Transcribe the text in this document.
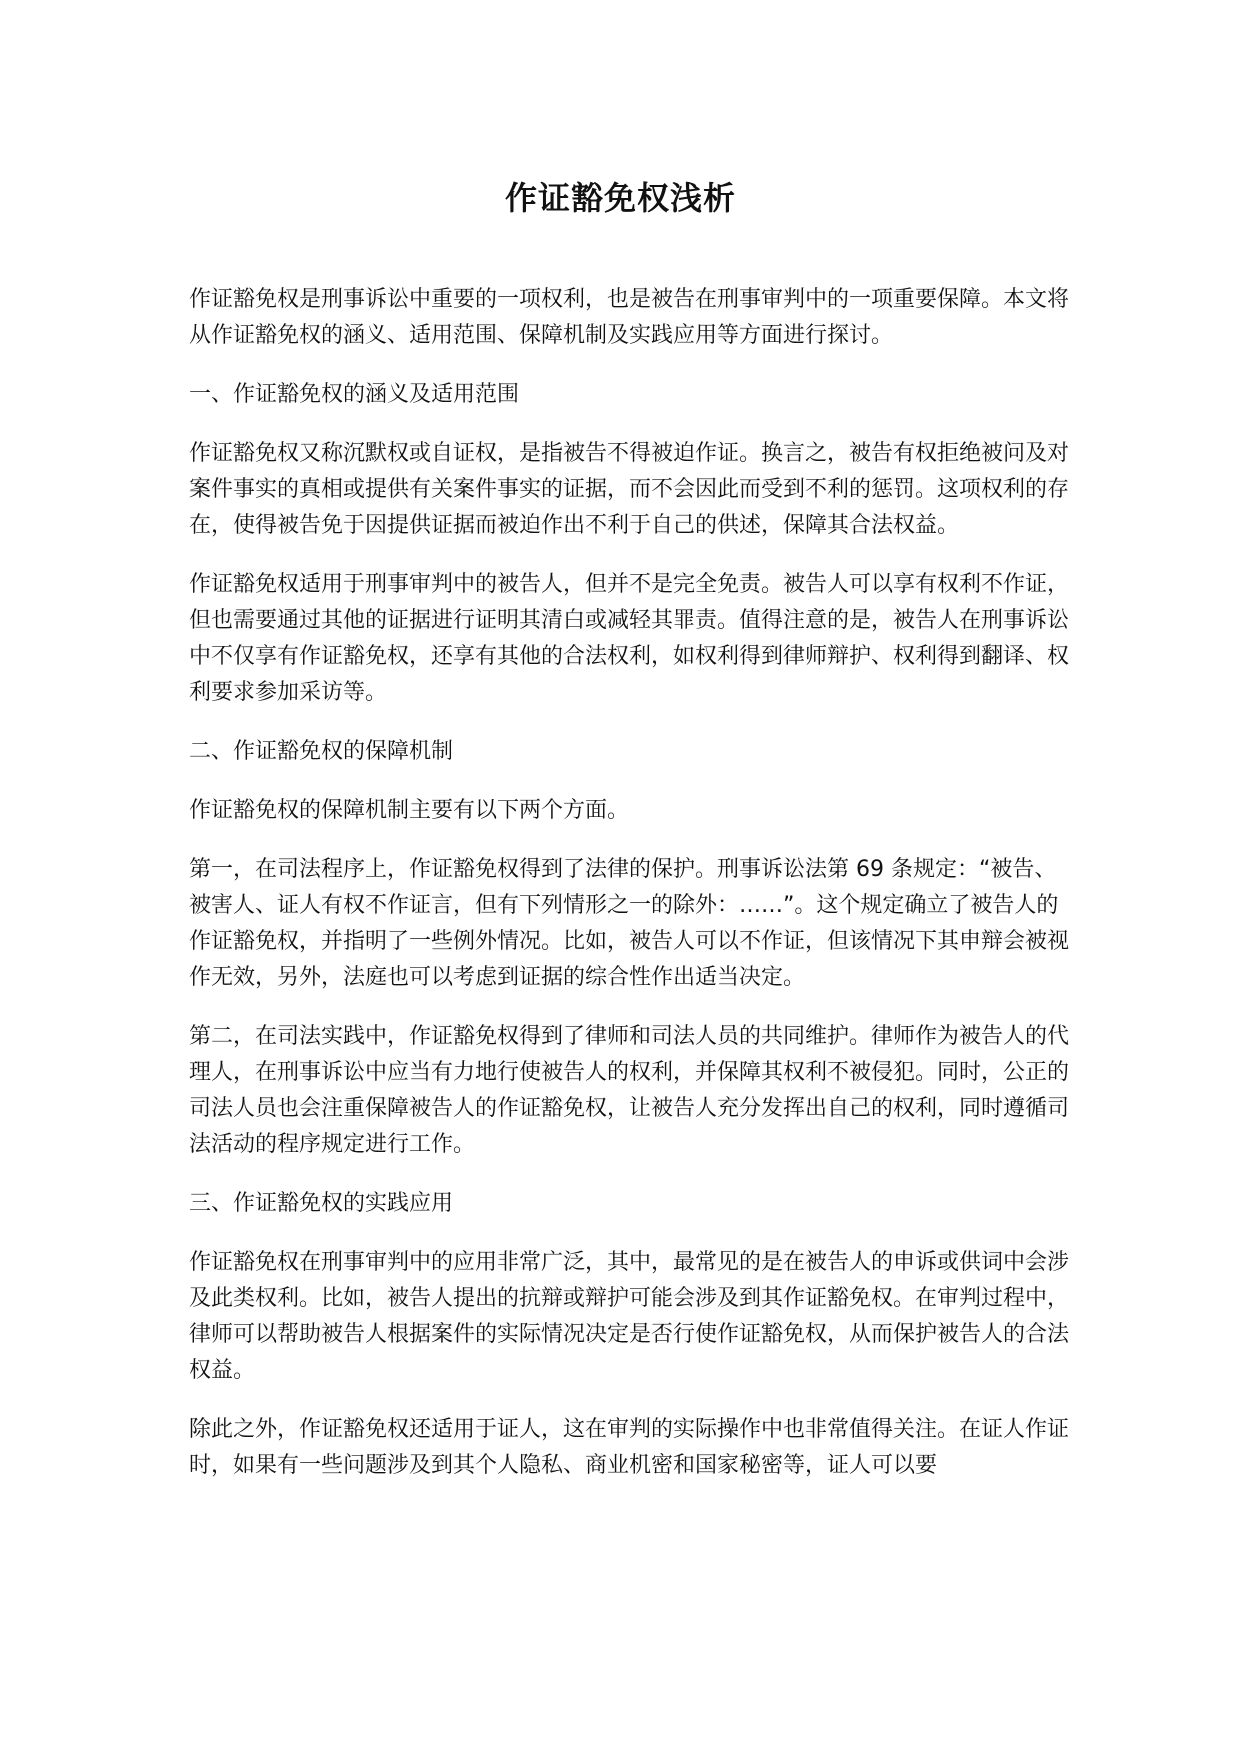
作证豁免权浅析

作证豁免权是刑事诉讼中重要的一项权利，也是被告在刑事审判中的一项重要保障。本文将从作证豁免权的涵义、适用范围、保障机制及实践应用等方面进行探讨。

一、作证豁免权的涵义及适用范围

作证豁免权又称沉默权或自证权，是指被告不得被迫作证。换言之，被告有权拒绝被问及对案件事实的真相或提供有关案件事实的证据，而不会因此而受到不利的惩罚。这项权利的存在，使得被告免于因提供证据而被迫作出不利于自己的供述，保障其合法权益。

作证豁免权适用于刑事审判中的被告人，但并不是完全免责。被告人可以享有权利不作证，但也需要通过其他的证据进行证明其清白或减轻其罪责。值得注意的是，被告人在刑事诉讼中不仅享有作证豁免权，还享有其他的合法权利，如权利得到律师辩护、权利得到翻译、权利要求参加采访等。

二、作证豁免权的保障机制

作证豁免权的保障机制主要有以下两个方面。

第一，在司法程序上，作证豁免权得到了法律的保护。刑事诉讼法第 69 条规定：“被告、被害人、证人有权不作证言，但有下列情形之一的除外：……”。这个规定确立了被告人的作证豁免权，并指明了一些例外情况。比如，被告人可以不作证，但该情况下其申辩会被视作无效，另外，法庭也可以考虑到证据的综合性作出适当决定。

第二，在司法实践中，作证豁免权得到了律师和司法人员的共同维护。律师作为被告人的代理人，在刑事诉讼中应当有力地行使被告人的权利，并保障其权利不被侵犯。同时，公正的司法人员也会注重保障被告人的作证豁免权，让被告人充分发挥出自己的权利，同时遵循司法活动的程序规定进行工作。

三、作证豁免权的实践应用

作证豁免权在刑事审判中的应用非常广泛，其中，最常见的是在被告人的申诉或供词中会涉及此类权利。比如，被告人提出的抗辩或辩护可能会涉及到其作证豁免权。在审判过程中，律师可以帮助被告人根据案件的实际情况决定是否行使作证豁免权，从而保护被告人的合法权益。

除此之外，作证豁免权还适用于证人，这在审判的实际操作中也非常值得关注。在证人作证时，如果有一些问题涉及到其个人隐私、商业机密和国家秘密等，证人可以要
